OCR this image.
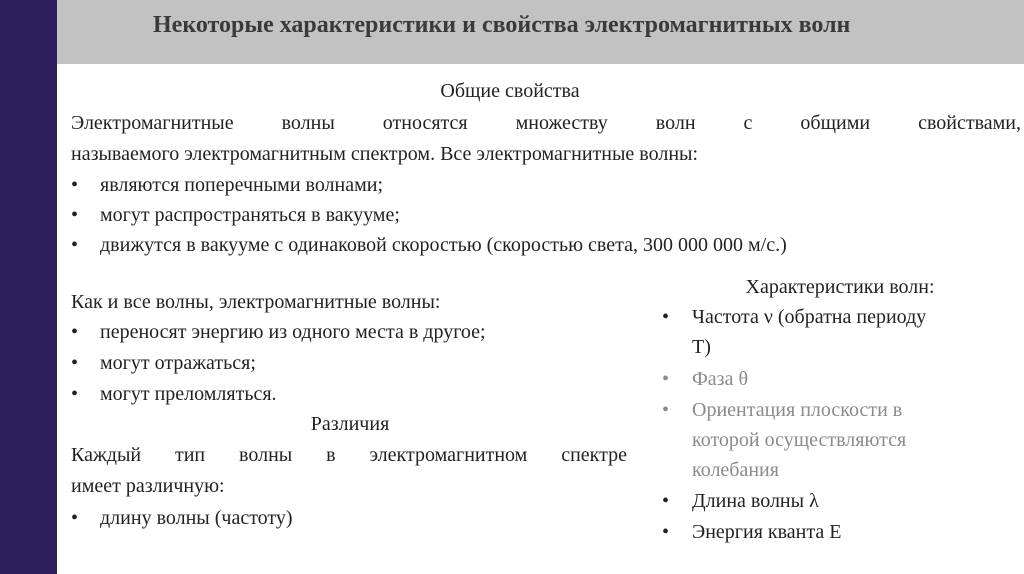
Некоторые характеристики и свойства электромагнитных волн
Общие свойства
Электромагнитные волны относятся множеству волн с общими свойствами,
называемого электромагнитным спектром. Все электромагнитные волны:
•	являются поперечными волнами;
•	могут распространяться в вакууме;
•	движутся в вакууме с одинаковой скоростью (скоростью света, 300 000 000 м/с.)
Как и все волны, электромагнитные волны:
•	переносят энергию из одного места в другое;
•	могут отражаться;
•	могут преломляться.
Различия
Каждый тип волны в электромагнитном спектре
имеет различную:
•	длину волны (частоту)
Характеристики волн:
•	Частота ν (обратна периоду
T)
•	Фаза θ
•	Ориентация плоскости в
которой осуществляются
колебания
•	Длина волны λ
•	Энергия кванта E
